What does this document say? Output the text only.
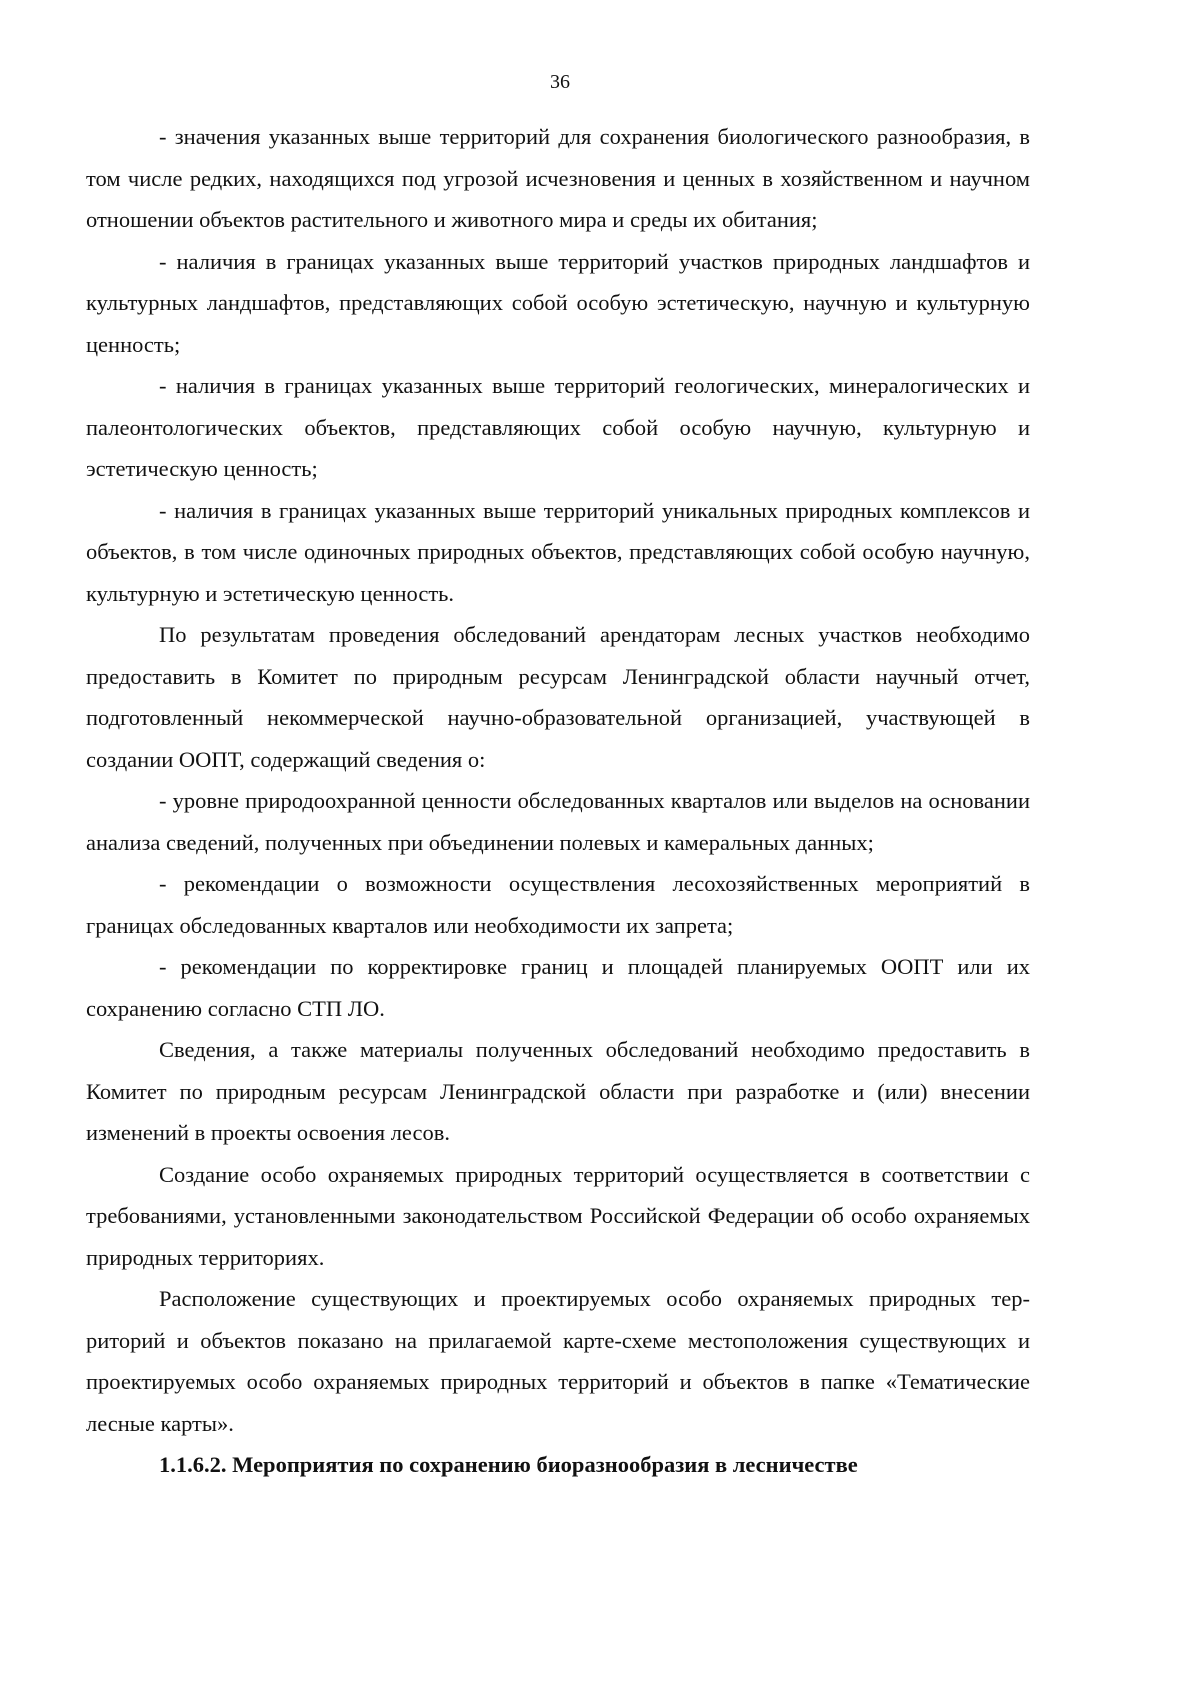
36

- значения указанных выше территорий для сохранения биологического разнообразия, в том числе редких, находящихся под угрозой исчезновения и ценных в хозяйственном и научном отношении объектов растительного и животного мира и среды их обитания;

- наличия в границах указанных выше территорий участков природных ландшафтов и культурных ландшафтов, представляющих собой особую эстетическую, научную и культурную ценность;

- наличия в границах указанных выше территорий геологических, минералогических и палеонтологических объектов, представляющих собой особую научную, культурную и эстетическую ценность;

- наличия в границах указанных выше территорий уникальных природных комплексов и объектов, в том числе одиночных природных объектов, представляющих собой особую научную, культурную и эстетическую ценность.

По результатам проведения обследований арендаторам лесных участков необходимо предоставить в Комитет по природным ресурсам Ленинградской области научный отчет, подготовленный некоммерческой научно-образовательной организацией, участвующей в создании ООПТ, содержащий сведения о:

- уровне природоохранной ценности обследованных кварталов или выделов на основании анализа сведений, полученных при объединении полевых и камеральных данных;

- рекомендации о возможности осуществления лесохозяйственных мероприятий в границах обследованных кварталов или необходимости их запрета;

- рекомендации по корректировке границ и площадей планируемых ООПТ или их сохранению согласно СТП ЛО.

Сведения, а также материалы полученных обследований необходимо предоставить в Комитет по природным ресурсам Ленинградской области при разработке и (или) внесении изменений в проекты освоения лесов.

Создание особо охраняемых природных территорий осуществляется в соответствии с требованиями, установленными законодательством Российской Федерации об особо охраняемых природных территориях.

Расположение существующих и проектируемых особо охраняемых природных территорий и объектов показано на прилагаемой карте-схеме местоположения существующих и проектируемых особо охраняемых природных территорий и объектов в папке «Тематические лесные карты».

1.1.6.2. Мероприятия по сохранению биоразнообразия в лесничестве
